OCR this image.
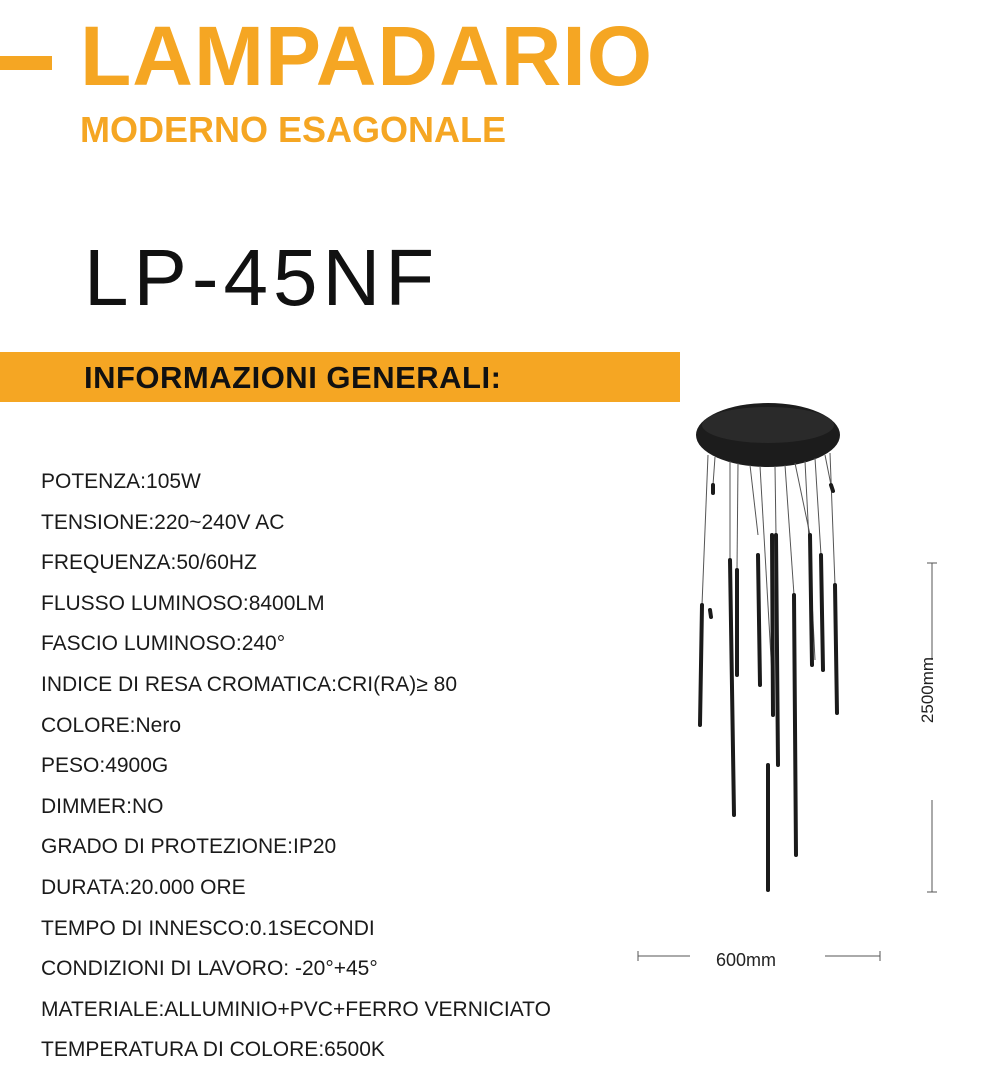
LAMPADARIO
MODERNO ESAGONALE
LP-45NF
INFORMAZIONI GENERALI:
POTENZA:105W
TENSIONE:220~240V AC
FREQUENZA:50/60HZ
FLUSSO LUMINOSO:8400LM
FASCIO LUMINOSO:240°
INDICE DI RESA CROMATICA:CRI(RA)≥ 80
COLORE:Nero
PESO:4900G
DIMMER:NO
GRADO DI PROTEZIONE:IP20
DURATA:20.000 ORE
TEMPO DI INNESCO:0.1SECONDI
CONDIZIONI DI LAVORO: -20°+45°
MATERIALE:ALLUMINIO+PVC+FERRO VERNICIATO
TEMPERATURA DI COLORE:6500K
2500mm
600mm
